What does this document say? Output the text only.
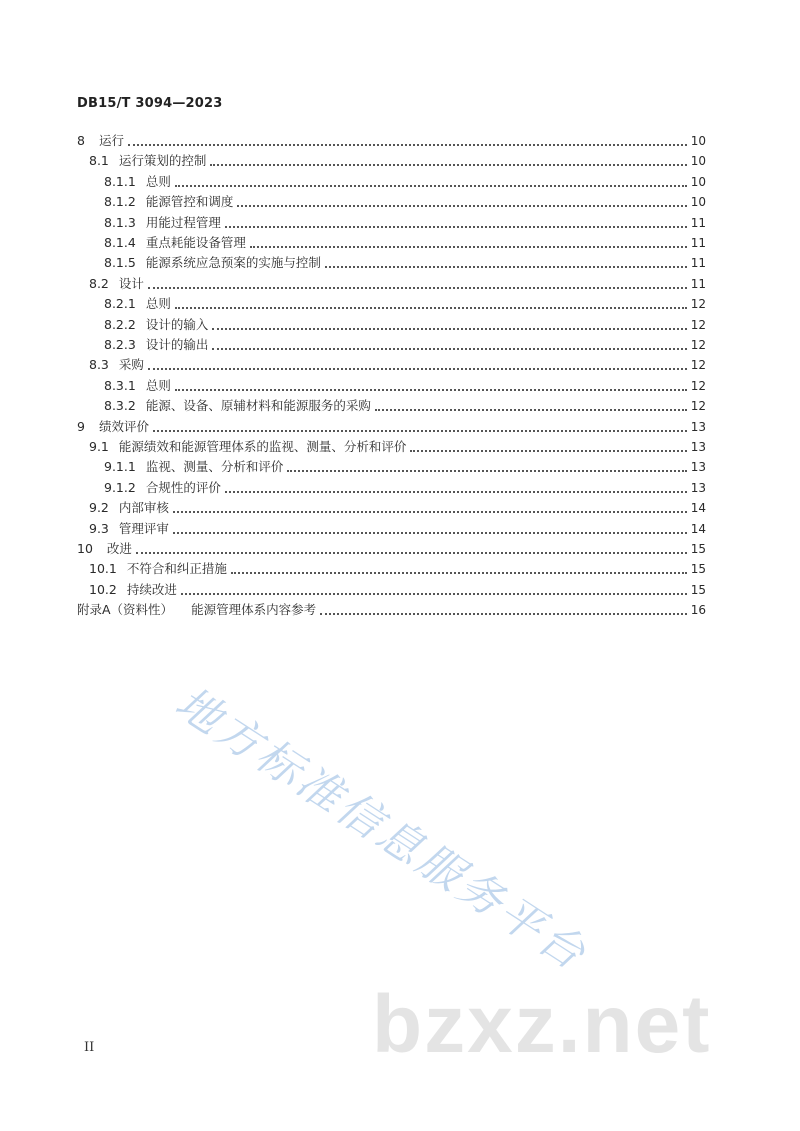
DB15/T 3094—2023
8 运行	10
8.1 运行策划的控制	10
8.1.1 总则	10
8.1.2 能源管控和调度	10
8.1.3 用能过程管理	11
8.1.4 重点耗能设备管理	11
8.1.5 能源系统应急预案的实施与控制	11
8.2 设计	11
8.2.1 总则	12
8.2.2 设计的输入	12
8.2.3 设计的输出	12
8.3 采购	12
8.3.1 总则	12
8.3.2 能源、设备、原辅材料和能源服务的采购	12
9 绩效评价	13
9.1 能源绩效和能源管理体系的监视、测量、分析和评价	13
9.1.1 监视、测量、分析和评价	13
9.1.2 合规性的评价	13
9.2 内部审核	14
9.3 管理评审	14
10 改进	15
10.1 不符合和纠正措施	15
10.2 持续改进	15
附录A（资料性） 能源管理体系内容参考	16
II
地方标准信息服务平台
bzxz.net
